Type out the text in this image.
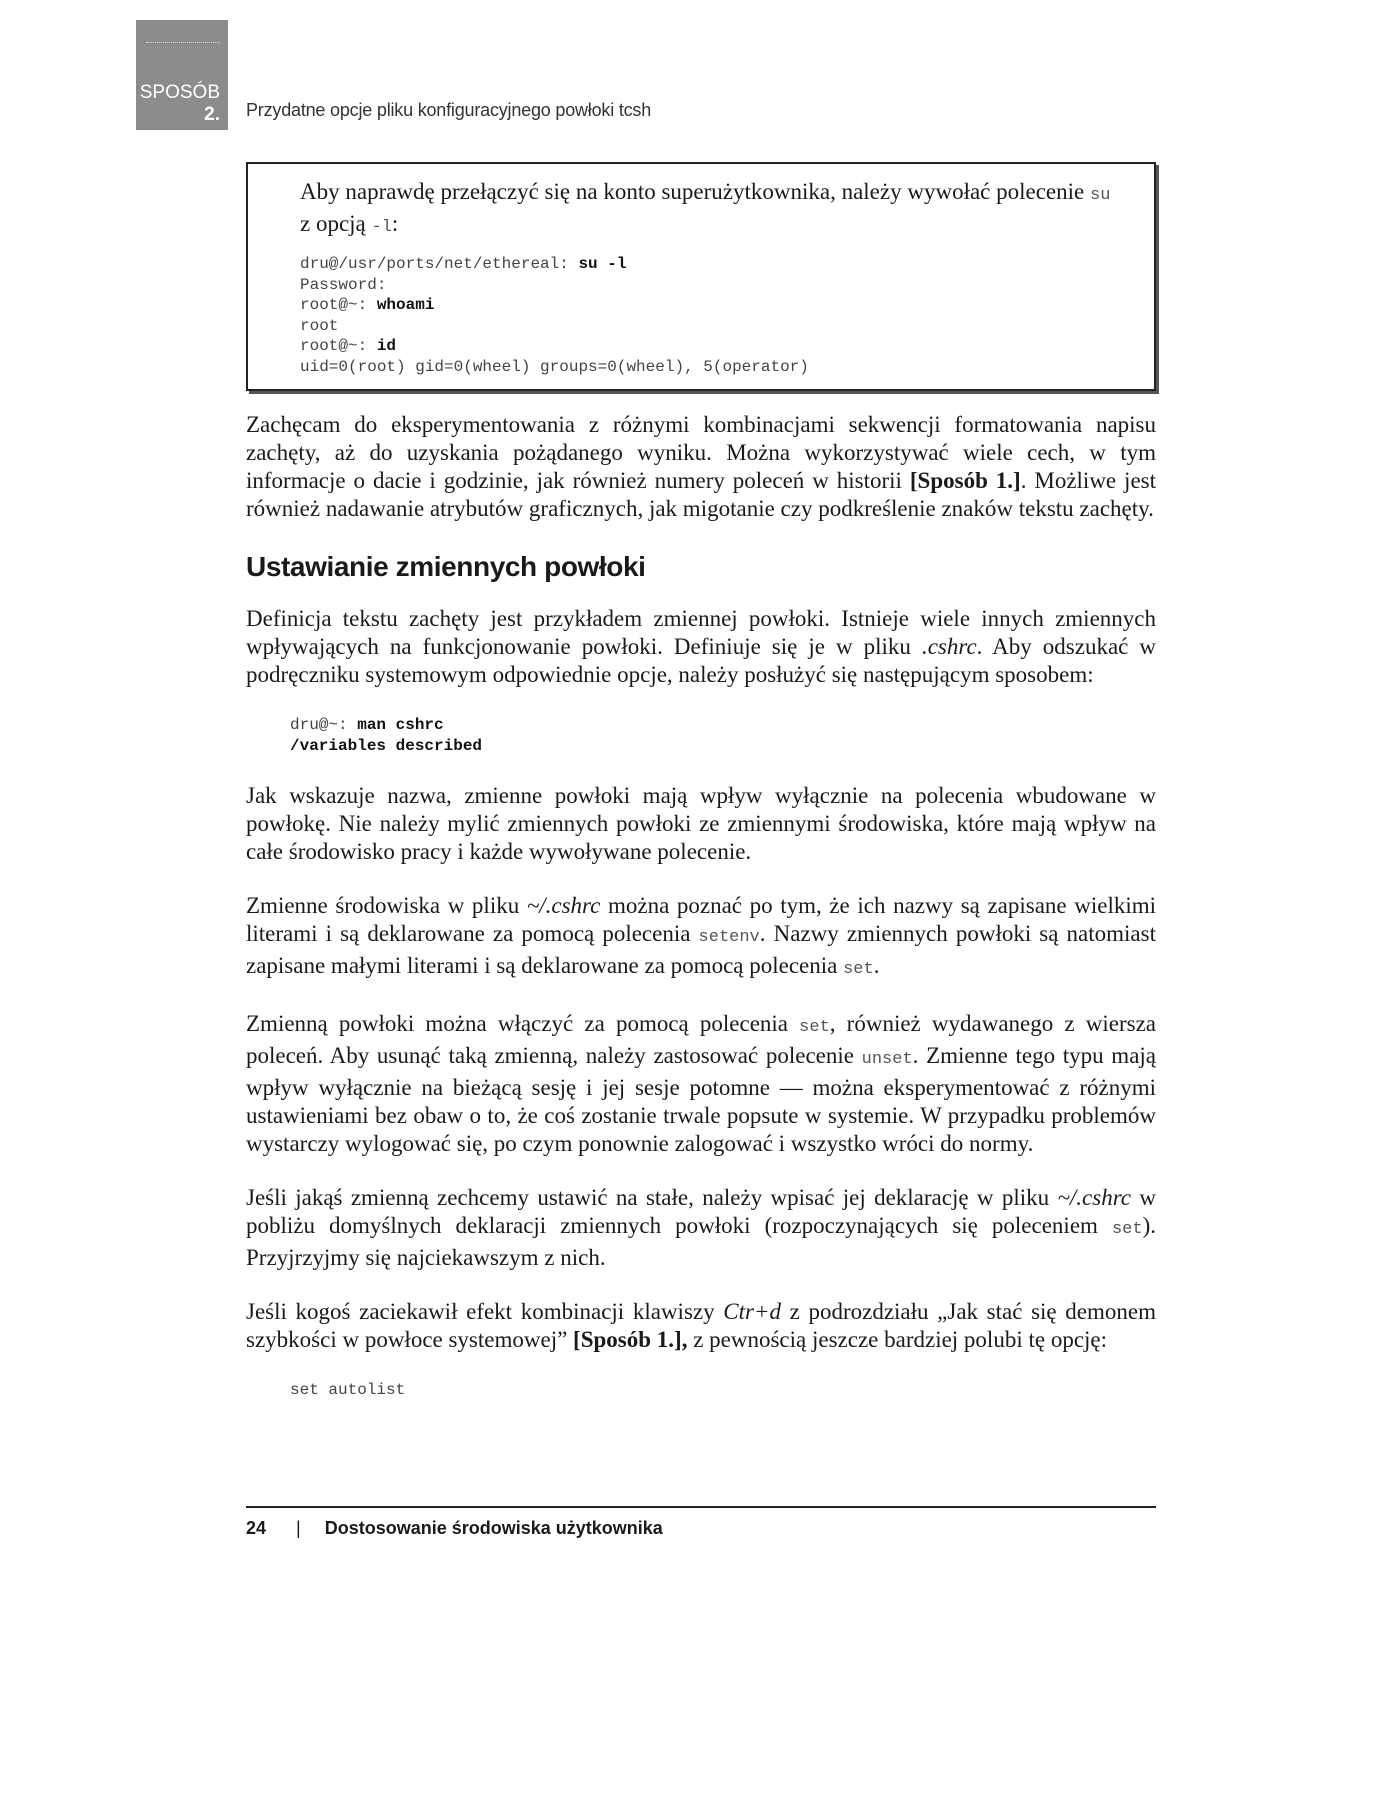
SPOSÓB
2. Przydatne opcje pliku konfiguracyjnego powłoki tcsh

Aby naprawdę przełączyć się na konto superużytkownika, należy wywołać polecenie su z opcją -l:

dru@/usr/ports/net/ethereal: su -l
Password:
root@~: whoami
root
root@~: id
uid=0(root) gid=0(wheel) groups=0(wheel), 5(operator)

Zachęcam do eksperymentowania z różnymi kombinacjami sekwencji formatowania napisu zachęty, aż do uzyskania pożądanego wyniku. Można wykorzystywać wiele cech, w tym informacje o dacie i godzinie, jak również numery poleceń w historii [Sposób 1.]. Możliwe jest również nadawanie atrybutów graficznych, jak migotanie czy podkreślenie znaków tekstu zachęty.

Ustawianie zmiennych powłoki

Definicja tekstu zachęty jest przykładem zmiennej powłoki. Istnieje wiele innych zmiennych wpływających na funkcjonowanie powłoki. Definiuje się je w pliku .cshrc. Aby odszukać w podręczniku systemowym odpowiednie opcje, należy posłużyć się następującym sposobem:

dru@~: man cshrc
/variables described

Jak wskazuje nazwa, zmienne powłoki mają wpływ wyłącznie na polecenia wbudowane w powłokę. Nie należy mylić zmiennych powłoki ze zmiennymi środowiska, które mają wpływ na całe środowisko pracy i każde wywoływane polecenie.

Zmienne środowiska w pliku ~/.cshrc można poznać po tym, że ich nazwy są zapisane wielkimi literami i są deklarowane za pomocą polecenia setenv. Nazwy zmiennych powłoki są natomiast zapisane małymi literami i są deklarowane za pomocą polecenia set.

Zmienną powłoki można włączyć za pomocą polecenia set, również wydawanego z wiersza poleceń. Aby usunąć taką zmienną, należy zastosować polecenie unset. Zmienne tego typu mają wpływ wyłącznie na bieżącą sesję i jej sesje potomne — można eksperymentować z różnymi ustawieniami bez obaw o to, że coś zostanie trwale popsute w systemie. W przypadku problemów wystarczy wylogować się, po czym ponownie zalogować i wszystko wróci do normy.

Jeśli jakąś zmienną zechcemy ustawić na stałe, należy wpisać jej deklarację w pliku ~/.cshrc w pobliżu domyślnych deklaracji zmiennych powłoki (rozpoczynających się poleceniem set). Przyjrzyjmy się najciekawszym z nich.

Jeśli kogoś zaciekawił efekt kombinacji klawiszy Ctr+d z podrozdziału „Jak stać się demonem szybkości w powłoce systemowej” [Sposób 1.], z pewnością jeszcze bardziej polubi tę opcję:

set autolist
24 | Dostosowanie środowiska użytkownika
